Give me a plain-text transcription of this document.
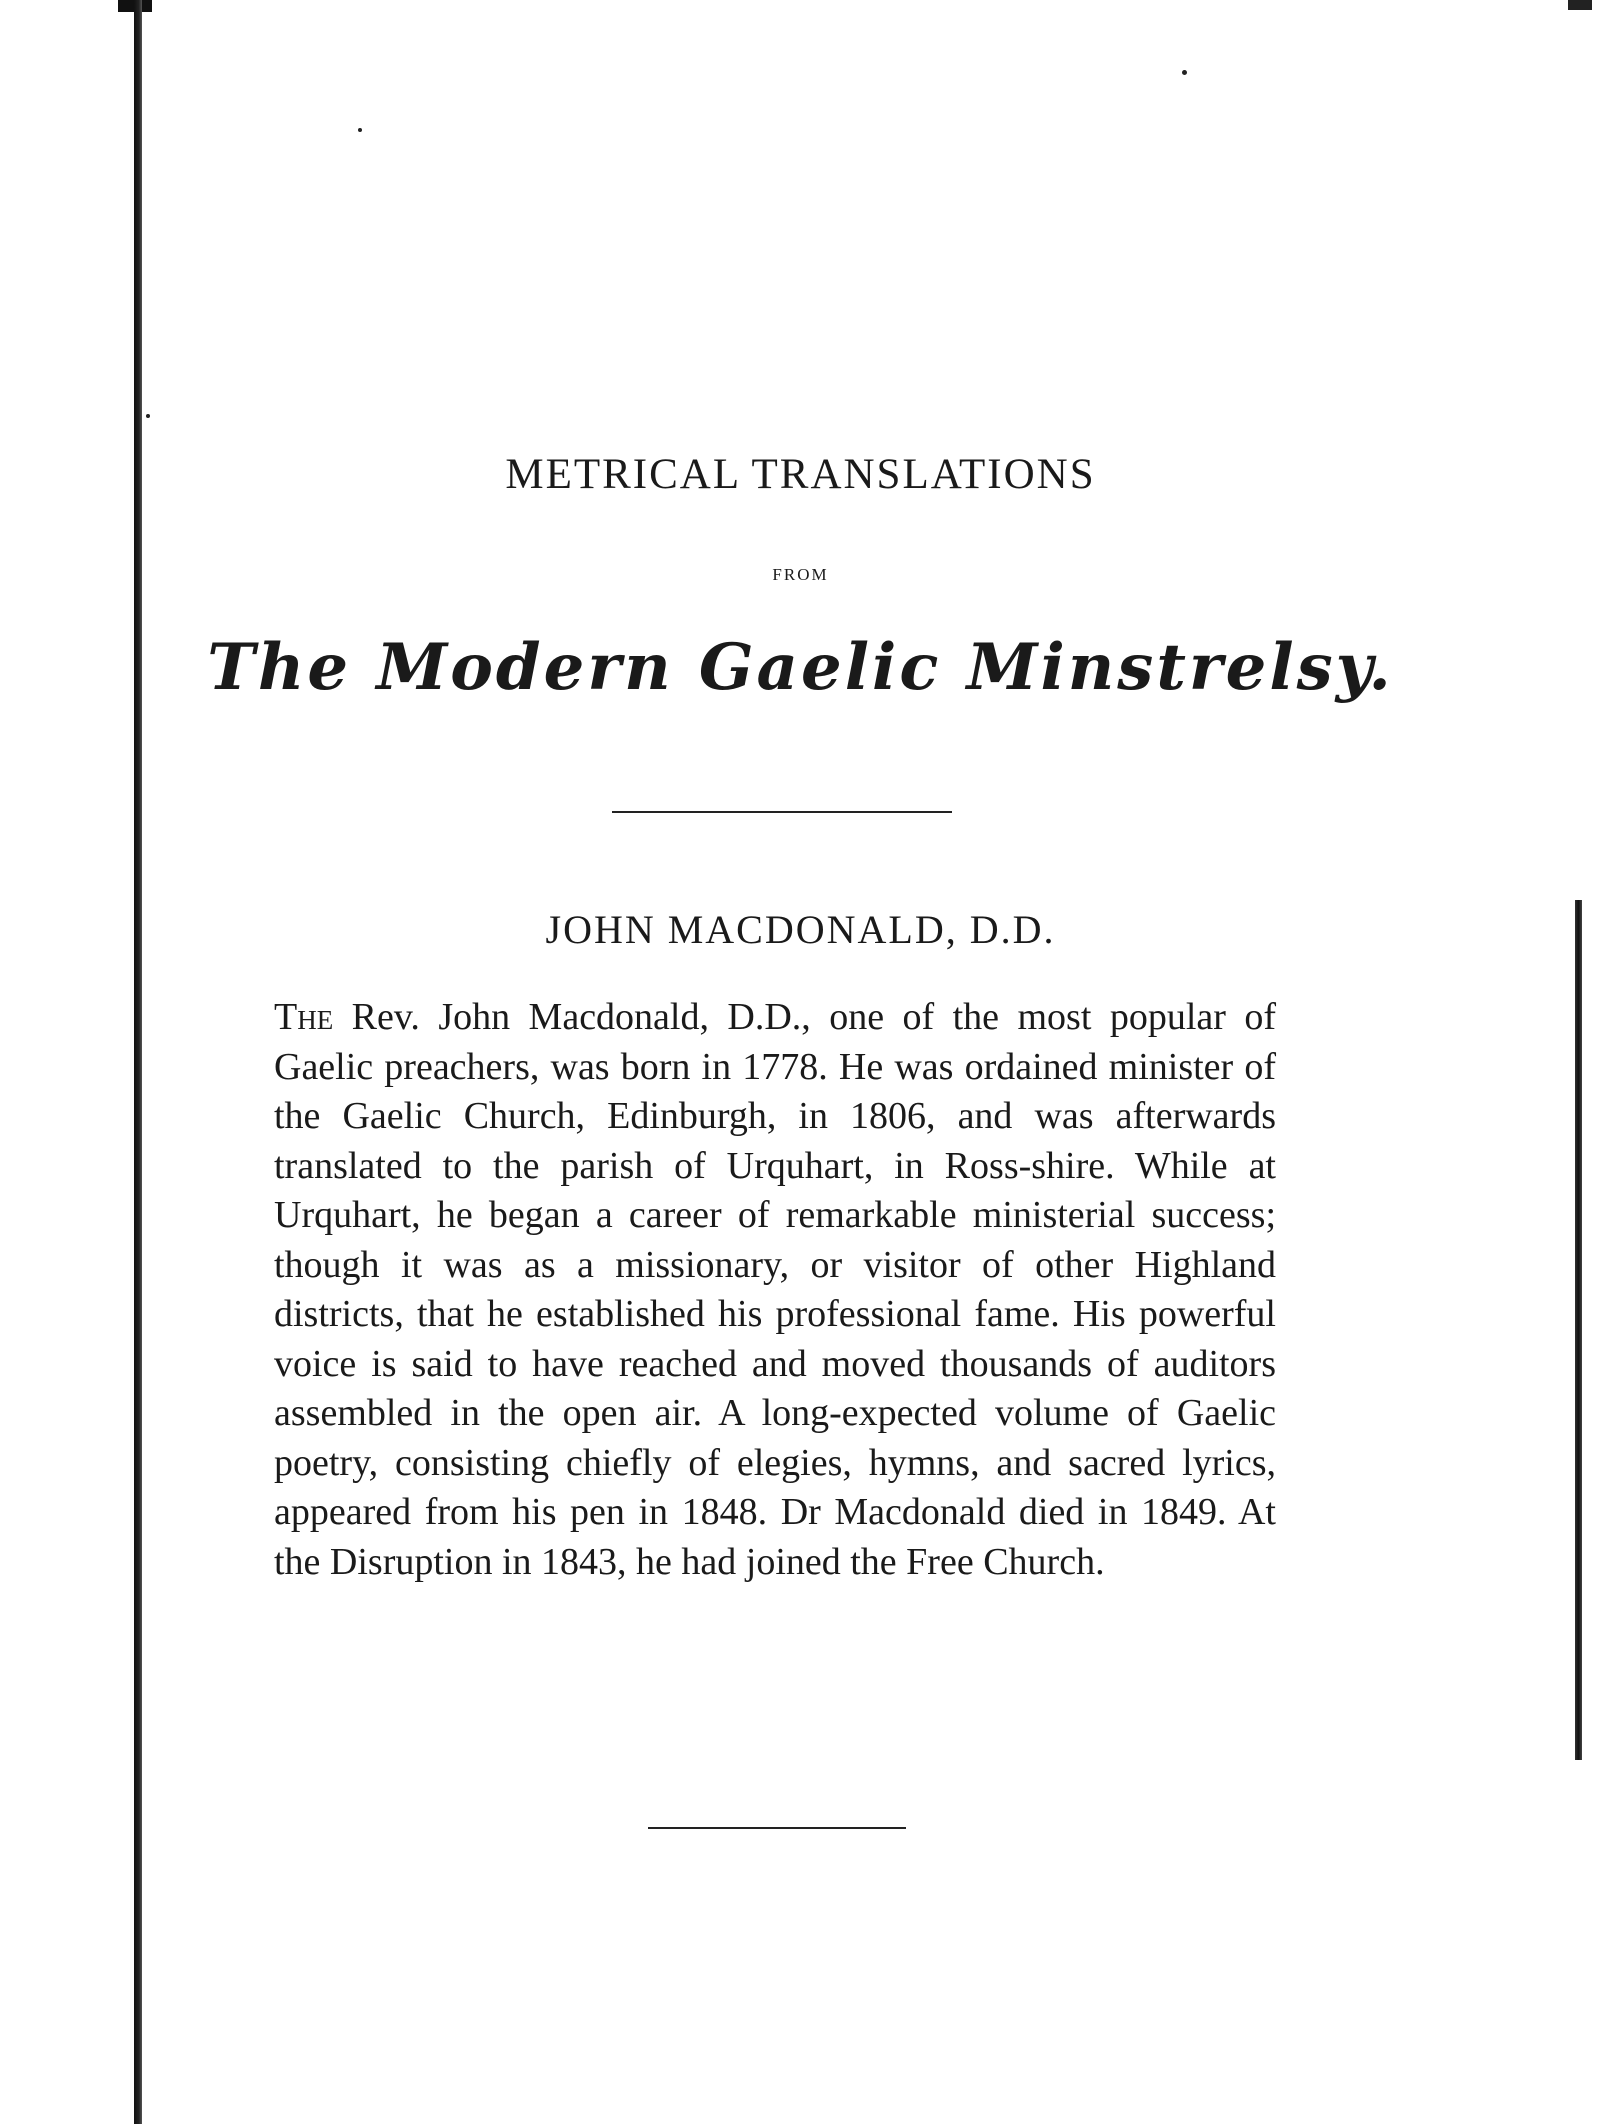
METRICAL TRANSLATIONS
FROM
The Modern Gaelic Minstrelsy.
JOHN MACDONALD, D.D.

The Rev. John Macdonald, D.D., one of the most popular of Gaelic preachers, was born in 1778. He was ordained minister of the Gaelic Church, Edinburgh, in 1806, and was afterwards translated to the parish of Urquhart, in Ross-shire. While at Urquhart, he began a career of remarkable ministerial success; though it was as a missionary, or visitor of other Highland districts, that he established his professional fame. His powerful voice is said to have reached and moved thousands of auditors assembled in the open air. A long-expected volume of Gaelic poetry, consisting chiefly of elegies, hymns, and sacred lyrics, appeared from his pen in 1848. Dr Macdonald died in 1849. At the Disruption in 1843, he had joined the Free Church.
